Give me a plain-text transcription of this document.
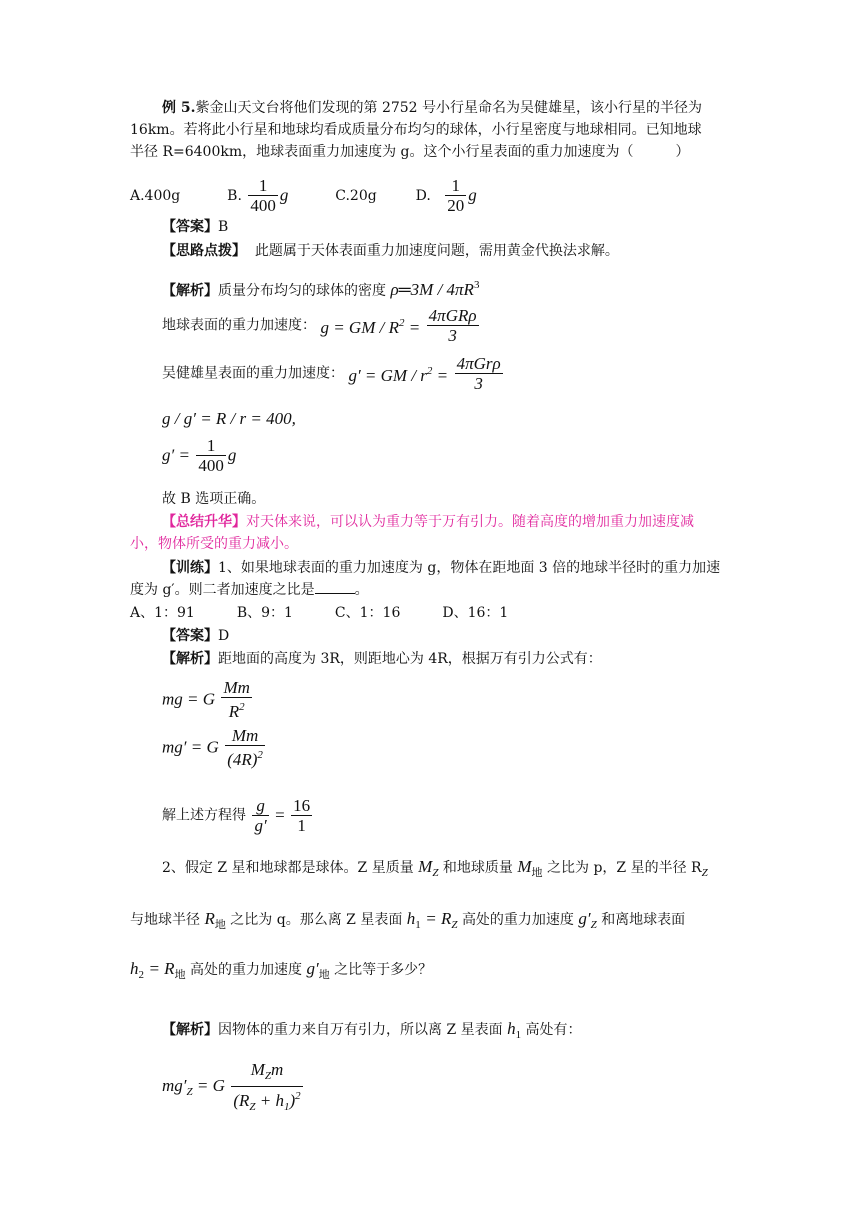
例 5.紫金山天文台将他们发现的第 2752 号小行星命名为吴健雄星，该小行星的半径为
16km。若将此小行星和地球均看成质量分布均匀的球体，小行星密度与地球相同。已知地球
半径 R=6400km，地球表面重力加速度为 g。这个小行星表面的重力加速度为（　　　）
A.400g	B. $\frac{1}{400}$ g	C.20g	D. $\frac{1}{20}$ g
【答案】B
【思路点拨】 此题属于天体表面重力加速度问题，需用黄金代换法求解。
【解析】质量分布均匀的球体的密度 ρ═3M / $4\pi R^3$
地球表面的重力加速度： g = GM / $R^2 = \frac{\text{4πGRρ}}{3}$
吴健雄星表面的重力加速度： g′ = GM / $r^2 = \frac{\text{4πGrρ}}{3}$
g / g′ = R / r = 400,
$g' = \frac{1}{400}$ g
故 B 选项正确。
【总结升华】对天体来说，可以认为重力等于万有引力。随着高度的增加重力加速度减
小，物体所受的重力减小。
【训练】1、如果地球表面的重力加速度为 g，物体在距地面 3 倍的地球半径时的重力加速
度为 g′。则二者加速度之比是	。
A、1：91　　　B、9：1　　　C、1：16　　　D、16：1
【答案】D
【解析】距地面的高度为 3R，则距地心为 4R，根据万有引力公式有：
mg = G $\frac{Mm}{R^2}$
mg′ = G $\frac{Mm}{(4R)^2}$
解上述方程得 $\frac{g}{g'} = \frac{16}{1}$
2、假定 Z 星和地球都是球体。Z 星质量 $M_Z$ 和地球质量 $M_地$ 之比为 p，Z 星的半径 $R_Z$
与地球半径 $R_地$ 之比为 q。那么离 Z 星表面 $h_1 = R_Z$ 高处的重力加速度 $g'_Z$ 和离地球表面
$h_2 = R_地$ 高处的重力加速度 $g'_地$ 之比等于多少？
【解析】因物体的重力来自万有引力，所以离 Z 星表面 $h_1$ 高处有：
$mg'_Z = G \frac{M_Zm}{(R_Z + h_1)^2}$
